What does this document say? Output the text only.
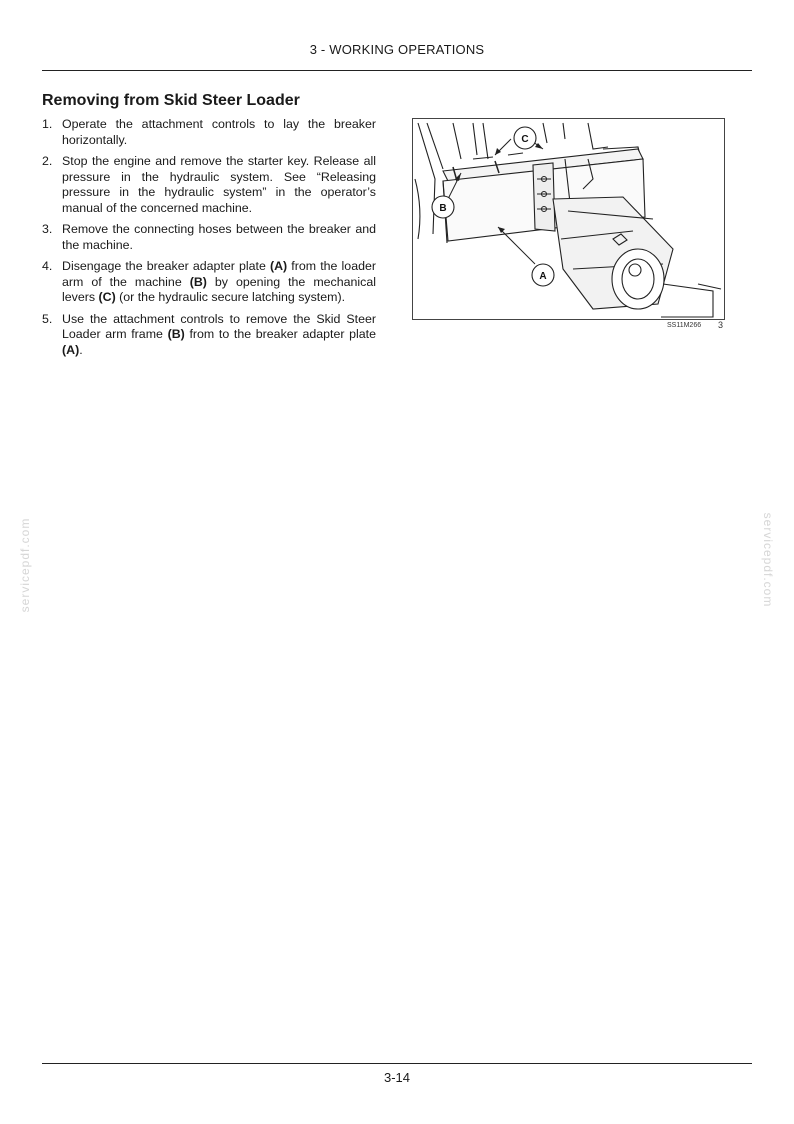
3 - WORKING OPERATIONS
Removing from Skid Steer Loader
1. Operate the attachment controls to lay the breaker horizontally.
2. Stop the engine and remove the starter key. Release all pressure in the hydraulic system. See “Releasing pressure in the hydraulic system” in the operator’s manual of the concerned machine.
3. Remove the connecting hoses between the breaker and the machine.
4. Disengage the breaker adapter plate (A) from the loader arm of the machine (B) by opening the mechanical levers (C) (or the hydraulic secure latching system).
5. Use the attachment controls to remove the Skid Steer Loader arm frame (B) from to the breaker adapter plate (A).
C
B
A
SS11M266 3
servicepdf.com	servicepdf.com
3-14
